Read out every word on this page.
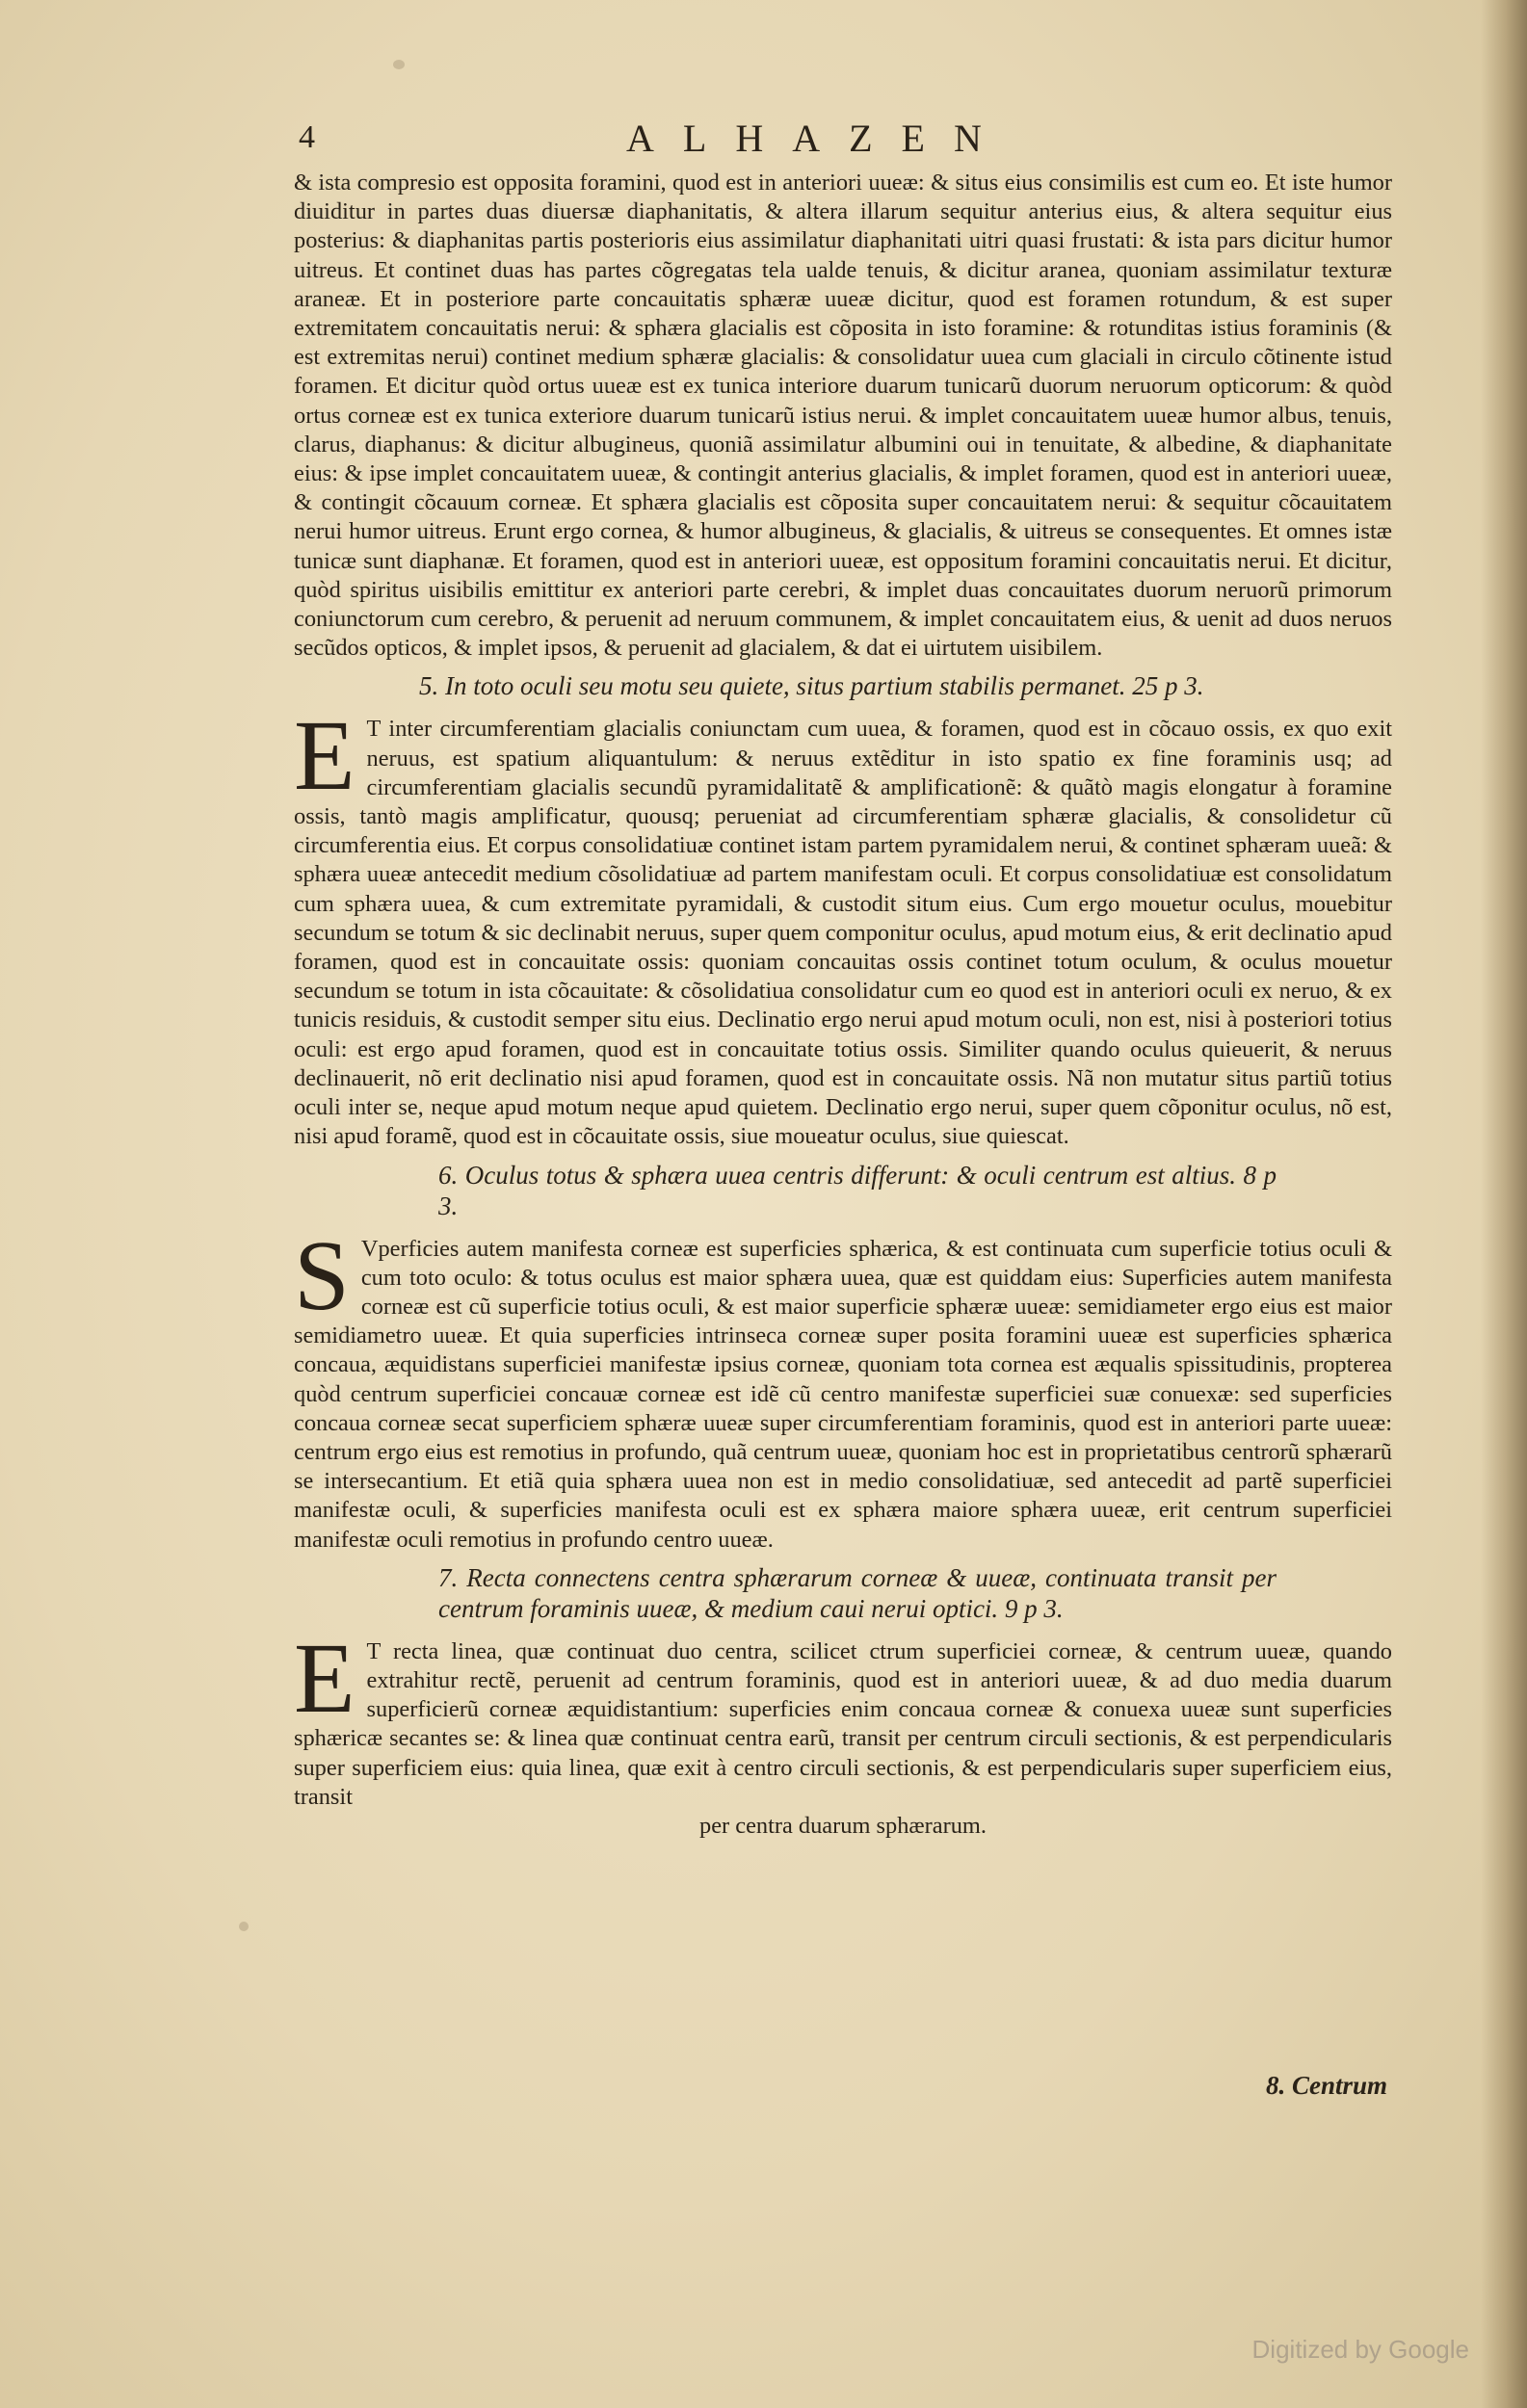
4	ALHAZEN

& ista compresio est opposita foramini, quod est in anteriori uueæ: & situs eius consimilis est cum eo. Et iste humor diuiditur in partes duas diuersæ diaphanitatis, & altera illarum sequitur anterius eius, & altera sequitur eius posterius: & diaphanitas partis posterioris eius assimilatur diaphanitati uitri quasi frustati: & ista pars dicitur humor uitreus. Et continet duas has partes cõgregatas tela ualde tenuis, & dicitur aranea, quoniam assimilatur texturæ araneæ. Et in posteriore parte concauitatis sphæræ uueæ dicitur, quod est foramen rotundum, & est super extremitatem concauitatis nerui: & sphæra glacialis est cõposita in isto foramine: & rotunditas istius foraminis (& est extremitas nerui) continet medium sphæræ glacialis: & consolidatur uuea cum glaciali in circulo cõtinente istud foramen. Et dicitur quòd ortus uueæ est ex tunica interiore duarum tunicarũ duorum neruorum opticorum: & quòd ortus corneæ est ex tunica exteriore duarum tunicarũ istius nerui. & implet concauitatem uueæ humor albus, tenuis, clarus, diaphanus: & dicitur albugineus, quoniã assimilatur albumini oui in tenuitate, & albedine, & diaphanitate eius: & ipse implet concauitatem uueæ, & contingit anterius glacialis, & implet foramen, quod est in anteriori uueæ, & contingit cõcauum corneæ. Et sphæra glacialis est cõposita super concauitatem nerui: & sequitur cõcauitatem nerui humor uitreus. Erunt ergo cornea, & humor albugineus, & glacialis, & uitreus se consequentes. Et omnes istæ tunicæ sunt diaphanæ. Et foramen, quod est in anteriori uueæ, est oppositum foramini concauitatis nerui. Et dicitur, quòd spiritus uisibilis emittitur ex anteriori parte cerebri, & implet duas concauitates duorum neruorũ primorum coniunctorum cum cerebro, & peruenit ad neruum communem, & implet concauitatem eius, & uenit ad duos neruos secũdos opticos, & implet ipsos, & peruenit ad glacialem, & dat ei uirtutem uisibilem.

5. In toto oculi seu motu seu quiete, situs partium stabilis permanet. 25 p 3.

E T inter circumferentiam glacialis coniunctam cum uuea, & foramen, quod est in cõcauo ossis, ex quo exit neruus, est spatium aliquantulum: & neruus extẽditur in isto spatio ex fine foraminis usq; ad circumferentiam glacialis secundũ pyramidalitatẽ & amplificationẽ: & quãtò magis elongatur à foramine ossis, tantò magis amplificatur, quousq; perueniat ad circumferentiam sphæræ glacialis, & consolidetur cũ circumferentia eius. Et corpus consolidatiuæ continet istam partem pyramidalem nerui, & continet sphæram uueã: & sphæra uueæ antecedit medium cõsolidatiuæ ad partem manifestam oculi. Et corpus consolidatiuæ est consolidatum cum sphæra uuea, & cum extremitate pyramidali, & custodit situm eius. Cum ergo mouetur oculus, mouebitur secundum se totum & sic declinabit neruus, super quem componitur oculus, apud motum eius, & erit declinatio apud foramen, quod est in concauitate ossis: quoniam concauitas ossis continet totum oculum, & oculus mouetur secundum se totum in ista cõcauitate: & cõsolidatiua consolidatur cum eo quod est in anteriori oculi ex neruo, & ex tunicis residuis, & custodit semper situ eius. Declinatio ergo nerui apud motum oculi, non est, nisi à posteriori totius oculi: est ergo apud foramen, quod est in concauitate totius ossis. Similiter quando oculus quieuerit, & neruus declinauerit, nõ erit declinatio nisi apud foramen, quod est in concauitate ossis. Nã non mutatur situs partiũ totius oculi inter se, neque apud motum neque apud quietem. Declinatio ergo nerui, super quem cõponitur oculus, nõ est, nisi apud foramẽ, quod est in cõcauitate ossis, siue moueatur oculus, siue quiescat.

6. Oculus totus & sphæra uuea centris differunt: & oculi centrum est altius. 8 p 3.

S Vperficies autem manifesta corneæ est superficies sphærica, & est continuata cum superficie totius oculi & cum toto oculo: & totus oculus est maior sphæra uuea, quæ est quiddam eius: Superficies autem manifesta corneæ est cũ superficie totius oculi, & est maior superficie sphæræ uueæ: semidiameter ergo eius est maior semidiametro uueæ. Et quia superficies intrinseca corneæ super posita foramini uueæ est superficies sphærica concaua, æquidistans superficiei manifestæ ipsius corneæ, quoniam tota cornea est æqualis spissitudinis, propterea quòd centrum superficiei concauæ corneæ est idẽ cũ centro manifestæ superficiei suæ conuexæ: sed superficies concaua corneæ secat superficiem sphæræ uueæ super circumferentiam foraminis, quod est in anteriori parte uueæ: centrum ergo eius est remotius in profundo, quã centrum uueæ, quoniam hoc est in proprietatibus centrorũ sphærarũ se intersecantium. Et etiã quia sphæra uuea non est in medio consolidatiuæ, sed antecedit ad partẽ superficiei manifestæ oculi, & superficies manifesta oculi est ex sphæra maiore sphæra uueæ, erit centrum superficiei manifestæ oculi remotius in profundo centro uueæ.

7. Recta connectens centra sphærarum corneæ & uueæ, continuata transit per centrum foraminis uueæ, & medium caui nerui optici. 9 p 3.

E T recta linea, quæ continuat duo centra, scilicet ctrum superficiei corneæ, & centrum uueæ, quando extrahitur rectẽ, peruenit ad centrum foraminis, quod est in anteriori uueæ, & ad duo media duarum superficierũ corneæ æquidistantium: superficies enim concaua corneæ & conuexa uueæ sunt superficies sphæricæ secantes se: & linea quæ continuat centra earũ, transit per centrum circuli sectionis, & est perpendicularis super superficiem eius: quia linea, quæ exit à centro circuli sectionis, & est perpendicularis super superficiem eius, transit

per centra duarum sphærarum.

8. Centrum
Digitized by Google
